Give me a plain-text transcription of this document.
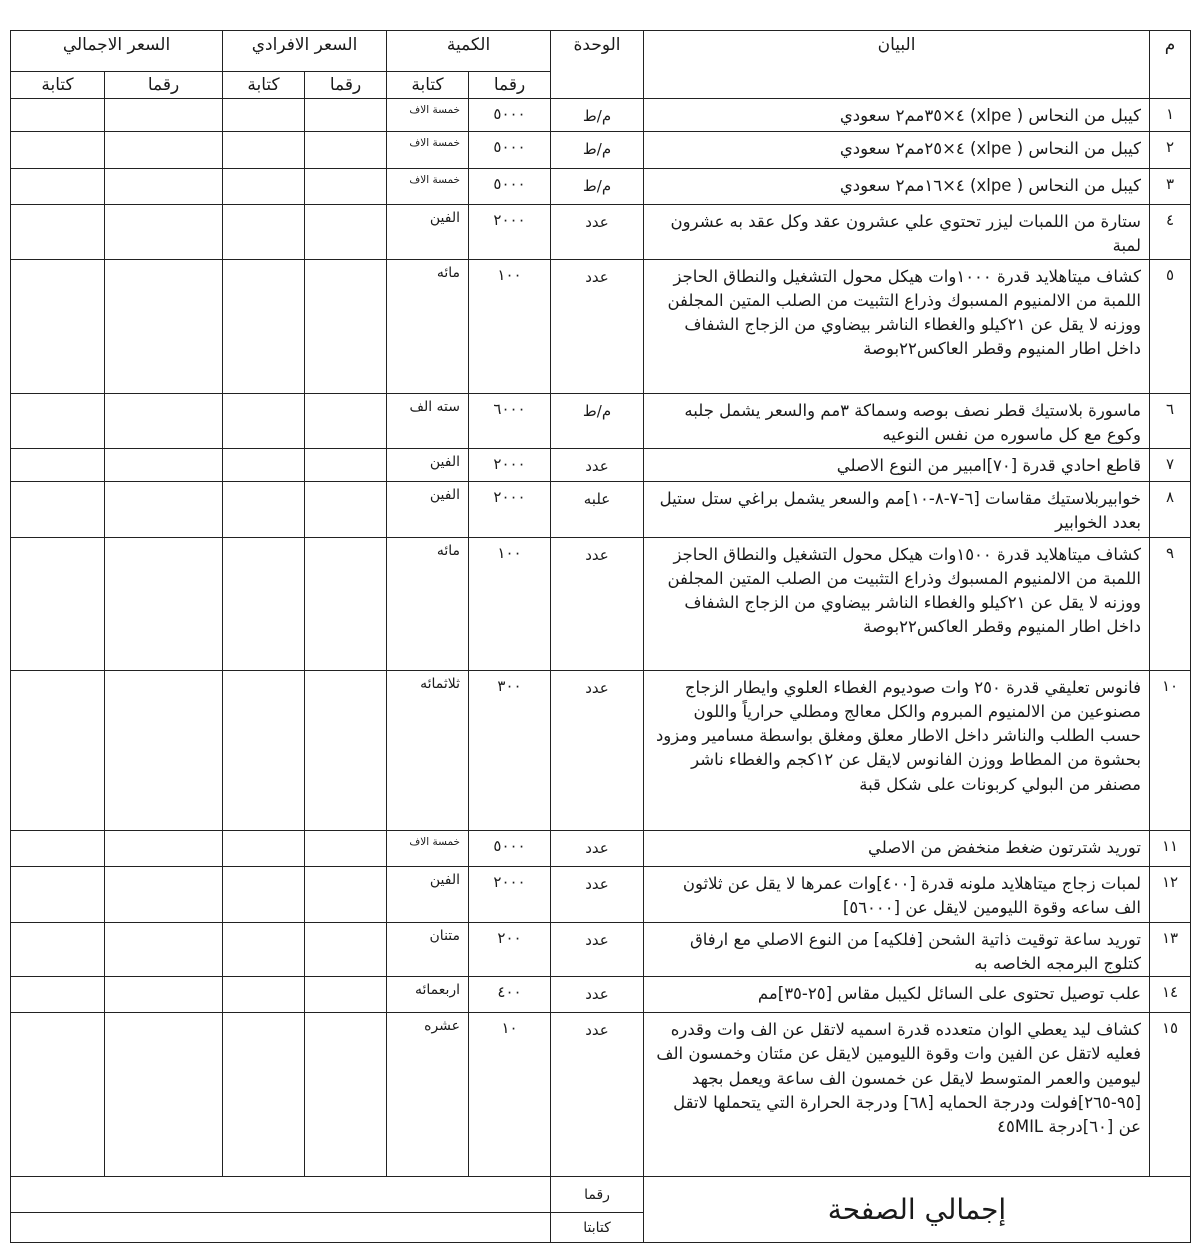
م	البيان	الوحدة	الكمية		السعر الافرادي		السعر الاجمالي	
			رقما	كتابة	رقما	كتابة	رقما	كتابة
١	كيبل من النحاس ( xlpe) ٤×٣٥مم٢ سعودي	م/ط	٥٠٠٠	خمسة الاف				
٢	كيبل من النحاس ( xlpe) ٤×٢٥مم٢ سعودي	م/ط	٥٠٠٠	خمسة الاف				
٣	كيبل من النحاس ( xlpe) ٤×١٦مم٢ سعودي	م/ط	٥٠٠٠	خمسة الاف				
٤	ستارة من اللمبات ليزر تحتوي علي عشرون عقد وكل عقد به عشرون لمبة	عدد	٢٠٠٠	الفين				
٥	كشاف ميتاهلايد قدرة ١٠٠٠وات هيكل محول التشغيل والنطاق الحاجز اللمبة من الالمنيوم المسبوك وذراع التثبيت من الصلب المتين المجلفن ووزنه لا يقل عن ٢١كيلو والغطاء الناشر بيضاوي من الزجاج الشفاف داخل اطار المنيوم وقطر العاكس٢٢بوصة	عدد	١٠٠	مائه				
٦	ماسورة بلاستيك قطر نصف بوصه وسماكة ٣مم والسعر يشمل جلبه وكوع مع كل ماسوره من نفس النوعيه	م/ط	٦٠٠٠	سته الف				
٧	قاطع احادي قدرة [٧٠]امبير من النوع الاصلي	عدد	٢٠٠٠	الفين				
٨	خوابيربلاستيك مقاسات [٦-٧-٨-١٠]مم والسعر يشمل براغي ستل ستيل بعدد الخوابير	علبه	٢٠٠٠	الفين				
٩	كشاف ميتاهلايد قدرة ١٥٠٠وات هيكل محول التشغيل والنطاق الحاجز اللمبة من الالمنيوم المسبوك وذراع التثبيت من الصلب المتين المجلفن ووزنه لا يقل عن ٢١كيلو والغطاء الناشر بيضاوي من الزجاج الشفاف داخل اطار المنيوم وقطر العاكس٢٢بوصة	عدد	١٠٠	مائه				
١٠	فانوس تعليقي قدرة ٢٥٠ وات صوديوم الغطاء العلوي وايطار الزجاج مصنوعين من الالمنيوم المبروم والكل معالج ومطلي حرارياً واللون حسب الطلب والناشر داخل الاطار معلق ومغلق بواسطة مسامير ومزود بحشوة من المطاط ووزن الفانوس لايقل عن ١٢كجم والغطاء ناشر مصنفر من البولي كربونات على شكل قبة	عدد	٣٠٠	ثلاثمائه				
١١	توريد شترتون ضغط منخفض من الاصلي	عدد	٥٠٠٠	خمسة الاف				
١٢	لمبات زجاج ميتاهلايد ملونه قدرة [٤٠٠]وات عمرها لا يقل عن ثلاثون الف ساعه وقوة الليومين لايقل عن [٥٦٠٠٠]	عدد	٢٠٠٠	الفين				
١٣	توريد ساعة توقيت ذاتية الشحن [فلكيه] من النوع الاصلي مع ارفاق كتلوج البرمجه الخاصه به	عدد	٢٠٠	متنان				
١٤	علب توصيل تحتوى على السائل لكيبل مقاس [٢٥-٣٥]مم	عدد	٤٠٠	اربعمائه				
١٥	كشاف ليد يعطي الوان متعدده قدرة اسميه لاتقل عن الف وات وقدره فعليه لاتقل عن الفين وات وقوة الليومين لايقل عن مئتان وخمسون الف ليومين والعمر المتوسط لايقل عن خمسون الف ساعة ويعمل بجهد [٩٥-٢٦٥]فولت ودرجة الحمايه [٦٨] ودرجة الحرارة التي يتحملها لاتقل عن [٦٠]درجة ٤٥MIL	عدد	١٠	عشره				
إجمالي الصفحة		رقما						
		كتابتا						
